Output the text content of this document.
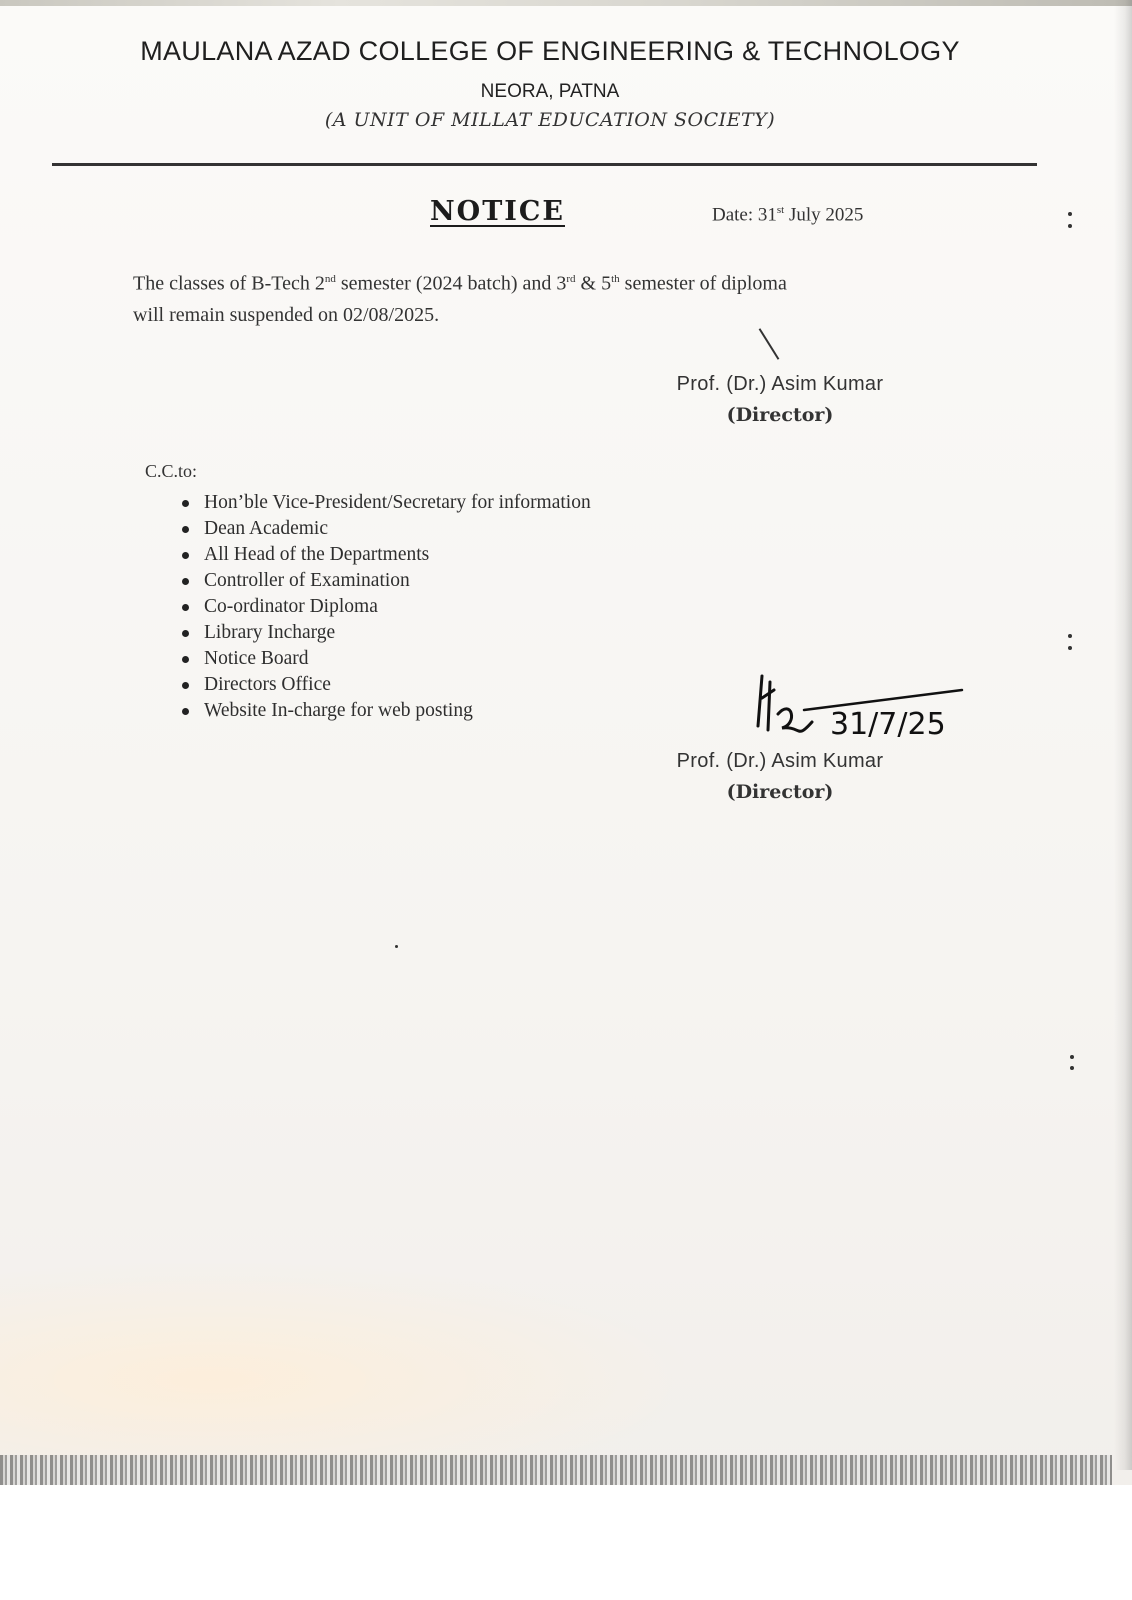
MAULANA AZAD COLLEGE OF ENGINEERING & TECHNOLOGY
NEORA, PATNA
(A UNIT OF MILLAT EDUCATION SOCIETY)
NOTICE	Date: 31st July 2025
The classes of B-Tech 2nd semester (2024 batch) and 3rd & 5th semester of diploma
will remain suspended on 02/08/2025.
Prof. (Dr.) Asim Kumar
(Director)
C.C.to:
Hon’ble Vice-President/Secretary for information
Dean Academic
All Head of the Departments
Controller of Examination
Co-ordinator Diploma
Library Incharge
Notice Board
Directors Office
Website In-charge for web posting	31/7/25
Prof. (Dr.) Asim Kumar
(Director)
